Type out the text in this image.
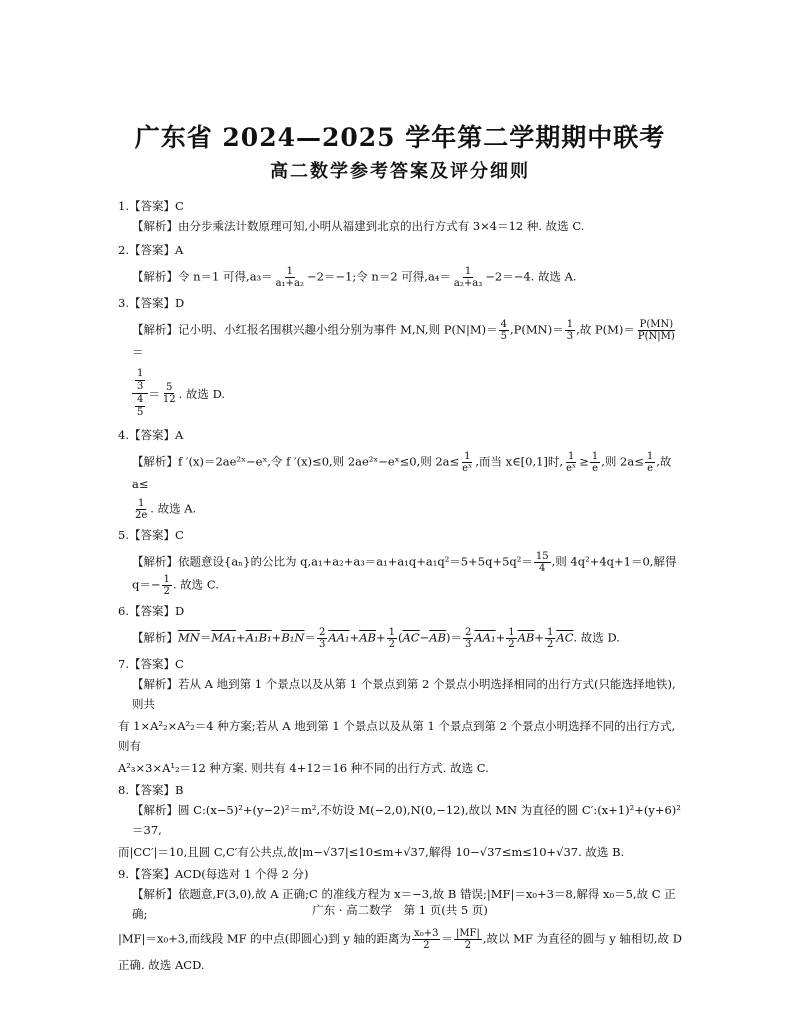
广东省 2024—2025 学年第二学期期中联考
高二数学参考答案及评分细则
1.【答案】C
【解析】由分步乘法计数原理可知,小明从福建到北京的出行方式有 3×4＝12 种. 故选 C.
2.【答案】A
【解析】令 n＝1 可得$,a_3= \frac{1}{\text{a₁+a₂}} -2=-1$;令 n＝2 可得$,a_4= \frac{1}{\text{a₂+a₃}} -2=-4$. 故选 A.
3.【答案】D
【解析】记小明、小红报名围棋兴趣小组分别为事件 M,N,则 $P(N|M)= \frac{4}{5} ,P(MN)= \frac{1}{3}$ ,故 $P(M)= \frac{P(MN)}{P(N|M)}$
＝
$\frac{\frac{1}{3}}{\frac{4}{5}} = \frac{5}{12}$ . 故选 D.
4.【答案】A
【解析】f ′(x)＝2ae²ˣ−eˣ,令 f ′(x)≤0,则 2ae²ˣ−eˣ≤0,则 $2a\le \frac{1}{\text{eˣ}}$ ,而当 x∈[0,1]时, $\frac{1}{\text{eˣ}} \ge \frac{1}{e}$ ,则 $2a\le \frac{1}{e}$ ,故 a≤
$\frac{1}{2e}$ . 故选 A.
5.【答案】C
【解析】依题意设{aₙ}的公比为 $q,a_1+a_2+a_3=a_1+a_1q+a_1q^2=5+5q+5q^2= \frac{15}{4}$ ,则 4q²+4q+1＝0,解得 $q=- \frac{1}{2}$ . 故选 C.
6.【答案】D
【解析】$\overline{MN}=MA_1+A_1B_1+B_1N= \frac{2}{3} AA_1+\overline{AB}+ \frac{1}{2} (\overline{AC}-\overline{AB})= \frac{2}{3} AA_1+ \frac{1}{2} \overline{AB}+ \frac{1}{2} \overline{AC}$. 故选 D.
7.【答案】C
【解析】若从 A 地到第 1 个景点以及从第 1 个景点到第 2 个景点小明选择相同的出行方式(只能选择地铁),则共
有 1×A²₂×A²₂＝4 种方案;若从 A 地到第 1 个景点以及从第 1 个景点到第 2 个景点小明选择不同的出行方式,则有
A²₃×3×A¹₂＝12 种方案. 则共有 4+12＝16 种不同的出行方式. 故选 C.
8.【答案】B
【解析】圆 C:(x−5)²+(y−2)²＝m²,不妨设 M(−2,0),N(0,−12),故以 MN 为直径的圆 C′:(x+1)²+(y+6)²＝37,
而|CC′|＝10,且圆 C,C′有公共点,故|m−√37|≤10≤m+√37,解得 10−√37≤m≤10+√37. 故选 B.
9.【答案】ACD(每选对 1 个得 2 分)
【解析】依题意,F(3,0),故 A 正确;C 的准线方程为 x＝−3,故 B 错误;|MF|＝x₀+3＝8,解得 x₀＝5,故 C 正确;
|MF|＝x₀+3,而线段 MF 的中点(即圆心)到 y 轴的距离为 $\frac{\text{x₀+3}}{2} = \frac{|MF|}{2}$ ,故以 MF 为直径的圆与 y 轴相切,故 D
正确. 故选 ACD.
广东 · 高二数学　第 1 页(共 5 页)
